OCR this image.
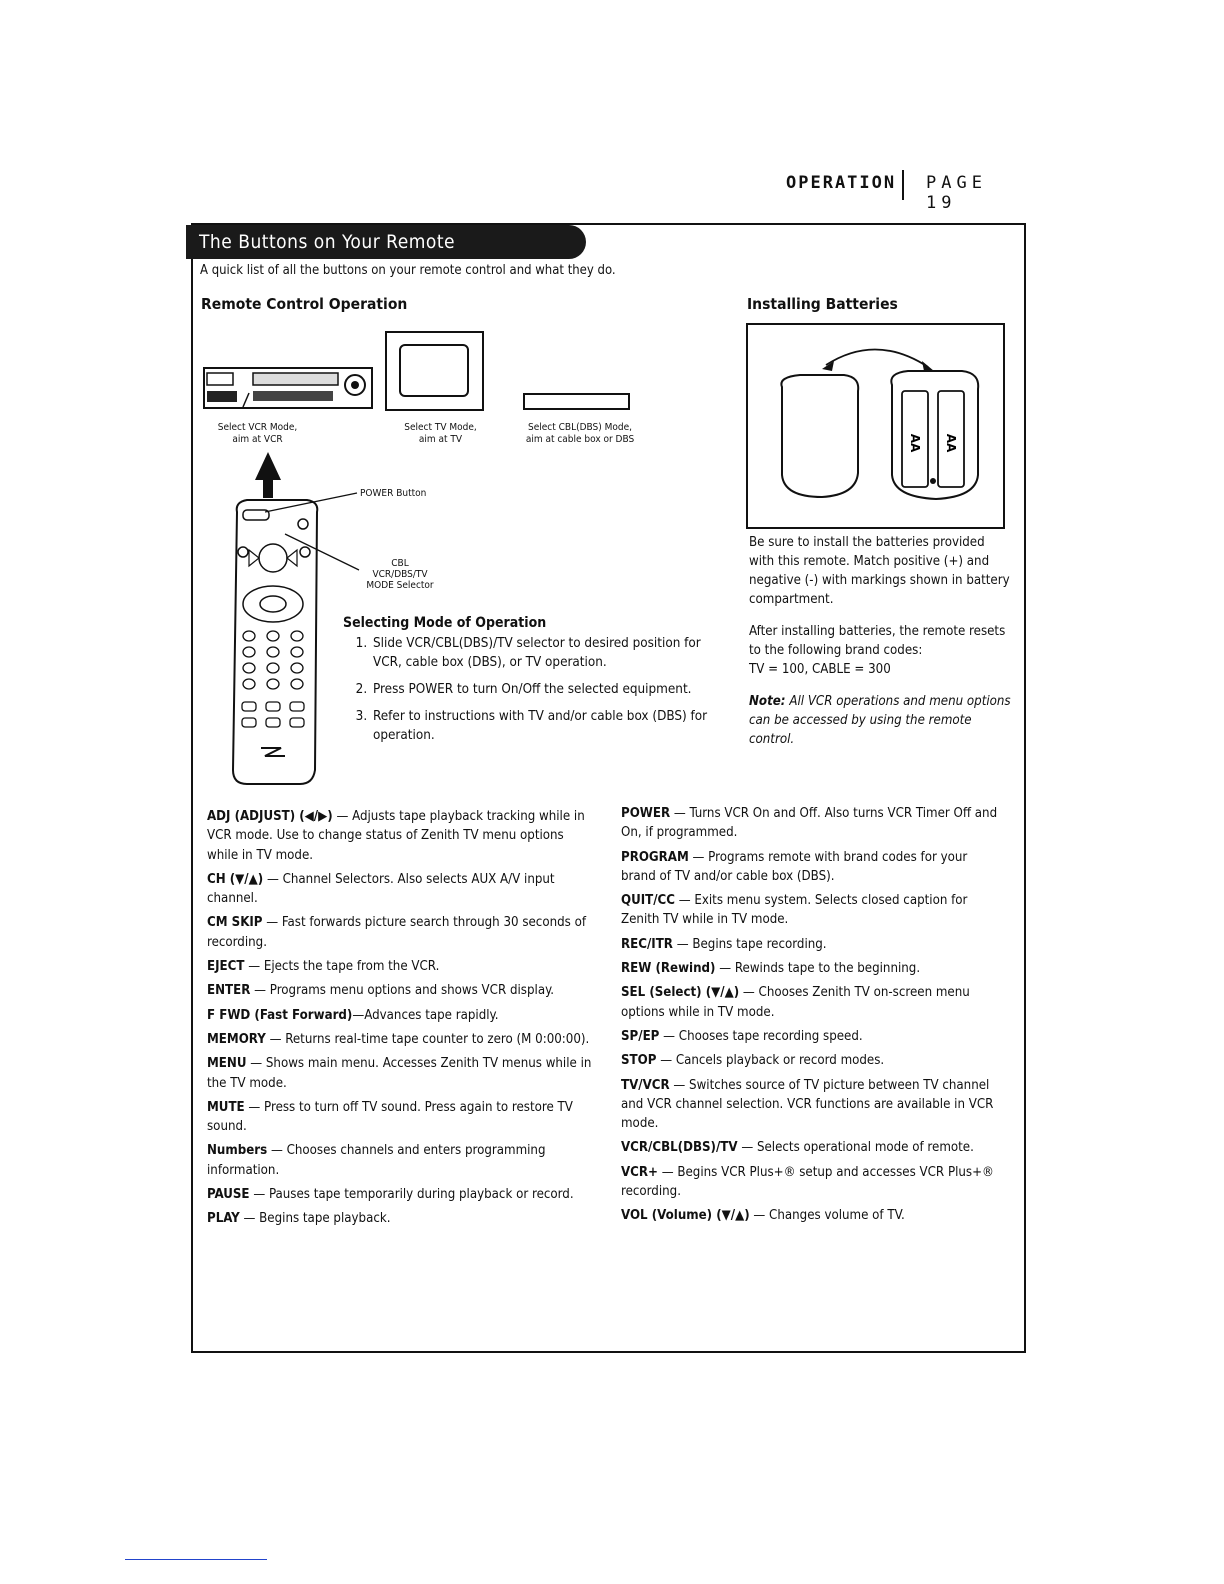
OPERATION PAGE 19
The Buttons on Your Remote
A quick list of all the buttons on your remote control and what they do.
Remote Control Operation
Select VCR Mode,
aim at VCR
Select TV Mode,
aim at TV
Select CBL(DBS) Mode,
aim at cable box or DBS
POWER Button
CBL
VCR/DBS/TV
MODE Selector
Selecting Mode of Operation
1. Slide VCR/CBL(DBS)/TV selector to desired position for VCR, cable box (DBS), or TV operation.
2. Press POWER to turn On/Off the selected equipment.
3. Refer to instructions with TV and/or cable box (DBS) for operation.
Installing Batteries
AA AA

Be sure to install the batteries provided with this remote. Match positive (+) and negative (-) with markings shown in battery compartment.

After installing batteries, the remote resets to the following brand codes:
TV = 100, CABLE = 300

Note: All VCR operations and menu options can be accessed by using the remote control.

ADJ (ADJUST) (◀/▶) — Adjusts tape playback tracking while in VCR mode. Use to change status of Zenith TV menu options while in TV mode.

CH (▼/▲) — Channel Selectors. Also selects AUX A/V input channel.

CM SKIP — Fast forwards picture search through 30 seconds of recording.

EJECT — Ejects the tape from the VCR.

ENTER — Programs menu options and shows VCR display.

F FWD (Fast Forward)—Advances tape rapidly.

MEMORY — Returns real-time tape counter to zero (M 0:00:00).

MENU — Shows main menu. Accesses Zenith TV menus while in the TV mode.

MUTE — Press to turn off TV sound. Press again to restore TV sound.

Numbers — Chooses channels and enters programming information.

PAUSE — Pauses tape temporarily during playback or record.

PLAY — Begins tape playback.

POWER — Turns VCR On and Off. Also turns VCR Timer Off and On, if programmed.

PROGRAM — Programs remote with brand codes for your brand of TV and/or cable box (DBS).

QUIT/CC — Exits menu system. Selects closed caption for Zenith TV while in TV mode.

REC/ITR — Begins tape recording.

REW (Rewind) — Rewinds tape to the beginning.

SEL (Select) (▼/▲) — Chooses Zenith TV on-screen menu options while in TV mode.

SP/EP — Chooses tape recording speed.

STOP — Cancels playback or record modes.

TV/VCR — Switches source of TV picture between TV channel and VCR channel selection. VCR functions are available in VCR mode.

VCR/CBL(DBS)/TV — Selects operational mode of remote.

VCR+ — Begins VCR Plus+® setup and accesses VCR Plus+® recording.

VOL (Volume) (▼/▲) — Changes volume of TV.
